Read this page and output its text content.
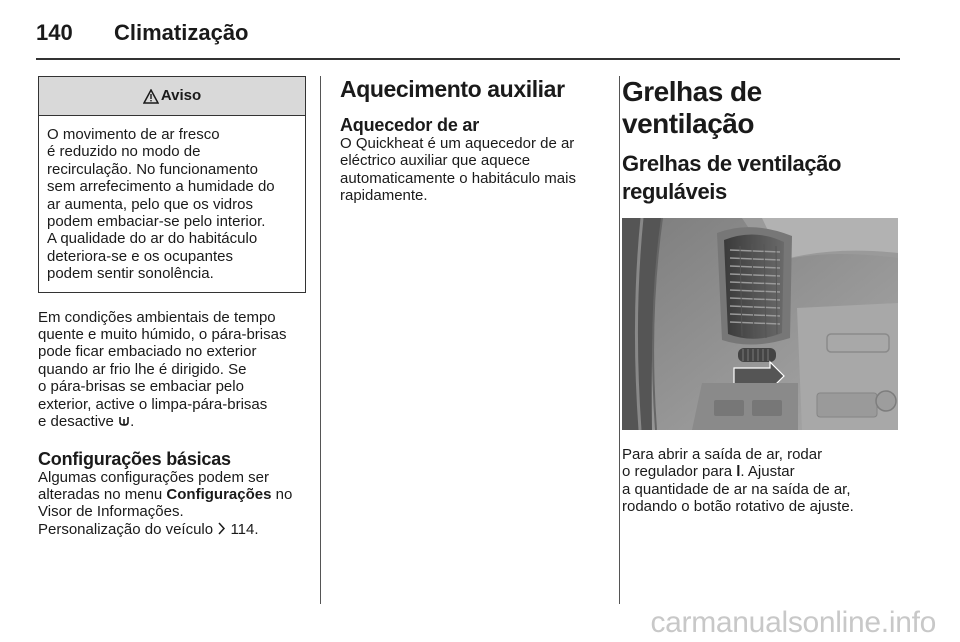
140 Climatização
Aviso

O movimento de ar fresco

é reduzido no modo de

recirculação. No funcionamento

sem arrefecimento a humidade do

ar aumenta, pelo que os vidros

podem embaciar-se pelo interior.

A qualidade do ar do habitáculo

deteriora-se e os ocupantes

podem sentir sonolência.

Em condições ambientais de tempo

quente e muito húmido, o pára-brisas

pode ficar embaciado no exterior

quando ar frio lhe é dirigido. Se

o pára-brisas se embaciar pelo

exterior, active o limpa-pára-brisas

e desactive .

Configurações básicas

Algumas configurações podem ser

alteradas no menu Configurações no

Visor de Informações.

Personalização do veículo  114.

Aquecimento auxiliar
Aquecedor de ar

O Quickheat é um aquecedor de ar

eléctrico auxiliar que aquece

automaticamente o habitáculo mais

rapidamente.

Grelhas de ventilação
Grelhas de ventilação
reguláveis

Para abrir a saída de ar, rodar

o regulador para l. Ajustar

a quantidade de ar na saída de ar,

rodando o botão rotativo de ajuste.

carmanualsonline.info
